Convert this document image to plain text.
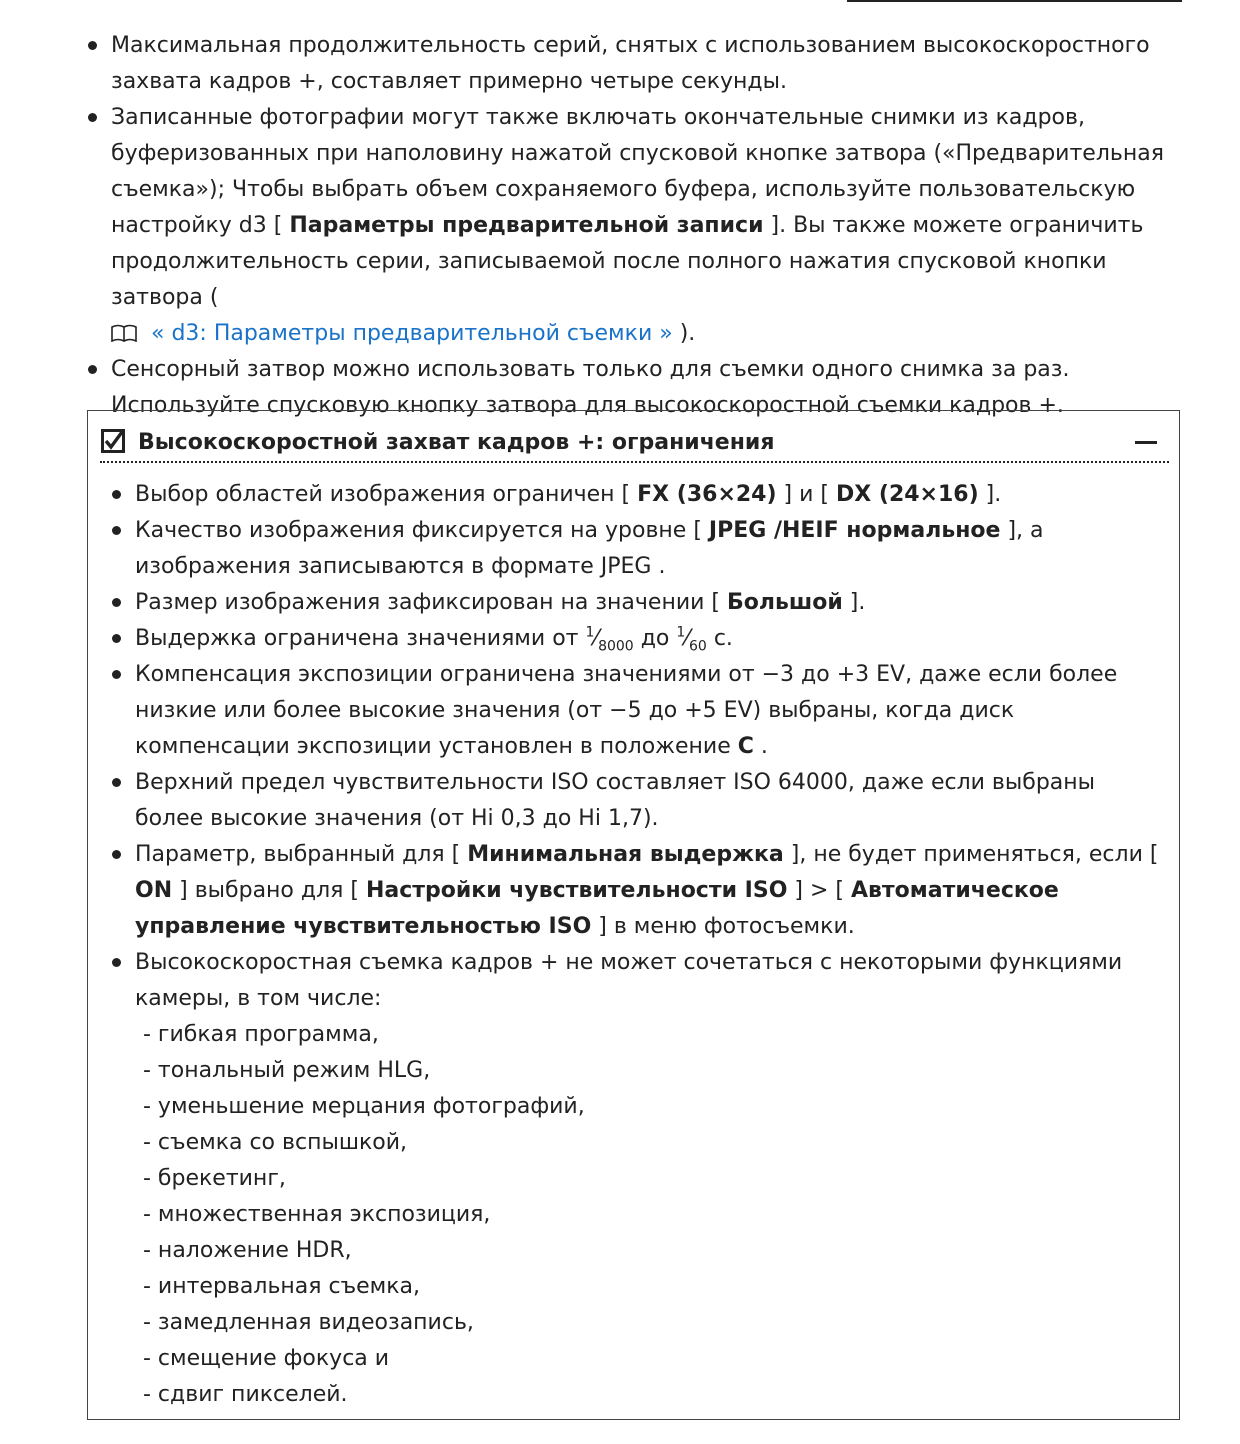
Максимальная продолжительность серий, снятых с использованием высокоскоростного захвата кадров +, составляет примерно четыре секунды.
Записанные фотографии могут также включать окончательные снимки из кадров, буферизованных при наполовину нажатой спусковой кнопке затвора («Предварительная съемка»); Чтобы выбрать объем сохраняемого буфера, используйте пользовательскую настройку d3 [ Параметры предварительной записи ]. Вы также можете ограничить продолжительность серии, записываемой после полного нажатия спусковой кнопки затвора (

« d3: Параметры предварительной съемки » ).
Сенсорный затвор можно использовать только для съемки одного снимка за раз. Используйте спусковую кнопку затвора для высокоскоростной съемки кадров +.
Высокоскоростной захват кадров +: ограничения
Выбор областей изображения ограничен [ FX (36×24) ] и [ DX (24×16) ].
Качество изображения фиксируется на уровне [ JPEG /HEIF нормальное ], а изображения записываются в формате JPEG .
Размер изображения зафиксирован на значении [ Большой ].
Выдержка ограничена значениями от $^1⁄_{8000}$ до $^1⁄_{60}$ с.
Компенсация экспозиции ограничена значениями от −3 до +3 EV, даже если более низкие или более высокие значения (от −5 до +5 EV) выбраны, когда диск компенсации экспозиции установлен в положение C .
Верхний предел чувствительности ISO составляет ISO 64000, даже если выбраны более высокие значения (от Hi 0,3 до Hi 1,7).
Параметр, выбранный для [ Минимальная выдержка ], не будет применяться, если [ ON ] выбрано для [ Настройки чувствительности ISO ] > [ Автоматическое управление чувствительностью ISO ] в меню фотосъемки.
Высокоскоростная съемка кадров + не может сочетаться с некоторыми функциями камеры, в том числе:
- гибкая программа,
- тональный режим HLG,
- уменьшение мерцания фотографий,
- съемка со вспышкой,
- брекетинг,
- множественная экспозиция,
- наложение HDR,
- интервальная съемка,
- замедленная видеозапись,
- смещение фокуса и
- сдвиг пикселей.
